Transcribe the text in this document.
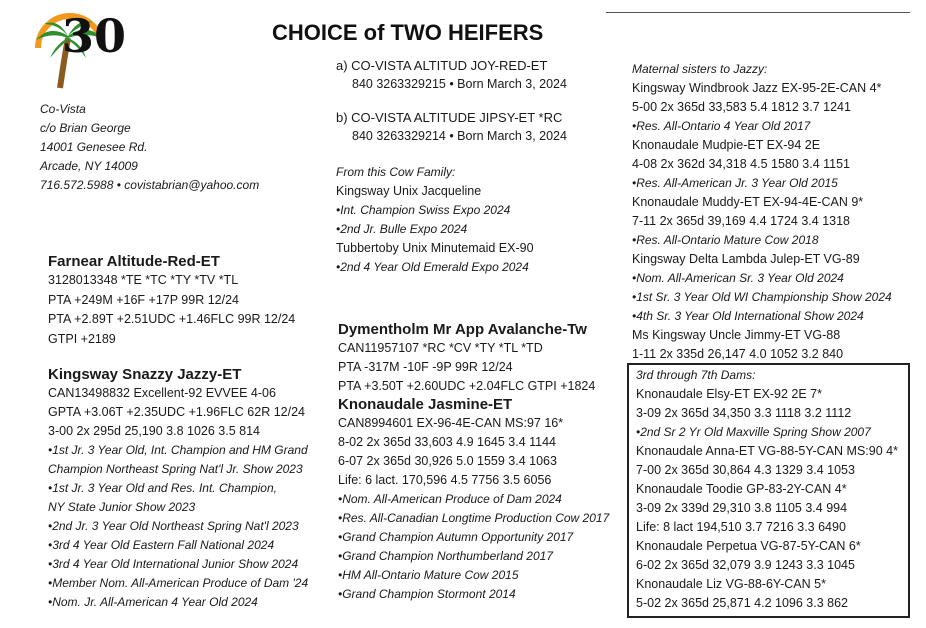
30	CHOICE of TWO HEIFERS
Co-Vista
c/o Brian George
14001 Genesee Rd.
Arcade, NY 14009
716.572.5988 • covistabrian@yahoo.com
a) CO-VISTA ALTITUD JOY-RED-ET
840 3263329215 • Born March 3, 2024
b) CO-VISTA ALTITUDE JIPSY-ET *RC
840 3263329214 • Born March 3, 2024
From this Cow Family:
Kingsway Unix Jacqueline
•Int. Champion Swiss Expo 2024
•2nd Jr. Bulle Expo 2024
Tubbertoby Unix Minutemaid EX-90
•2nd 4 Year Old Emerald Expo 2024
Farnear Altitude-Red-ET
3128013348 *TE *TC *TY *TV *TL
PTA +249M +16F +17P 99R 12/24
PTA +2.89T +2.51UDC +1.46FLC 99R 12/24
GTPI +2189
Kingsway Snazzy Jazzy-ET
CAN13498832 Excellent-92 EVVEE 4-06
GPTA +3.06T +2.35UDC +1.96FLC 62R 12/24
3-00 2x 295d 25,190 3.8 1026 3.5 814
•1st Jr. 3 Year Old, Int. Champion and HM Grand
Champion Northeast Spring Nat'l Jr. Show 2023
•1st Jr. 3 Year Old and Res. Int. Champion,
NY State Junior Show 2023
•2nd Jr. 3 Year Old Northeast Spring Nat'l 2023
•3rd 4 Year Old Eastern Fall National 2024
•3rd 4 Year Old International Junior Show 2024
•Member Nom. All-American Produce of Dam '24
•Nom. Jr. All-American 4 Year Old 2024
Dymentholm Mr App Avalanche-Tw
CAN11957107 *RC *CV *TY *TL *TD
PTA -317M -10F -9P 99R 12/24
PTA +3.50T +2.60UDC +2.04FLC GTPI +1824
Knonaudale Jasmine-ET
CAN8994601 EX-96-4E-CAN MS:97 16*
8-02 2x 365d 33,603 4.9 1645 3.4 1144
6-07 2x 365d 30,926 5.0 1559 3.4 1063
Life: 6 lact. 170,596 4.5 7756 3.5 6056
•Nom. All-American Produce of Dam 2024
•Res. All-Canadian Longtime Production Cow 2017
•Grand Champion Autumn Opportunity 2017
•Grand Champion Northumberland 2017
•HM All-Ontario Mature Cow 2015
•Grand Champion Stormont 2014
Maternal sisters to Jazzy:
Kingsway Windbrook Jazz EX-95-2E-CAN 4*
5-00 2x 365d 33,583 5.4 1812 3.7 1241
•Res. All-Ontario 4 Year Old 2017
Knonaudale Mudpie-ET EX-94 2E
4-08 2x 362d 34,318 4.5 1580 3.4 1151
•Res. All-American Jr. 3 Year Old 2015
Knonaudale Muddy-ET EX-94-4E-CAN 9*
7-11 2x 365d 39,169 4.4 1724 3.4 1318
•Res. All-Ontario Mature Cow 2018
Kingsway Delta Lambda Julep-ET VG-89
•Nom. All-American Sr. 3 Year Old 2024
•1st Sr. 3 Year Old WI Championship Show 2024
•4th Sr. 3 Year Old International Show 2024
Ms Kingsway Uncle Jimmy-ET VG-88
1-11 2x 335d 26,147 4.0 1052 3.2 840
3rd through 7th Dams:
Knonaudale Elsy-ET EX-92 2E 7*
3-09 2x 365d 34,350 3.3 1118 3.2 1112
•2nd Sr 2 Yr Old Maxville Spring Show 2007
Knonaudale Anna-ET VG-88-5Y-CAN MS:90 4*
7-00 2x 365d 30,864 4.3 1329 3.4 1053
Knonaudale Toodie GP-83-2Y-CAN 4*
3-09 2x 339d 29,310 3.8 1105 3.4 994
Life: 8 lact 194,510 3.7 7216 3.3 6490
Knonaudale Perpetua VG-87-5Y-CAN 6*
6-02 2x 365d 32,079 3.9 1243 3.3 1045
Knonaudale Liz VG-88-6Y-CAN 5*
5-02 2x 365d 25,871 4.2 1096 3.3 862
